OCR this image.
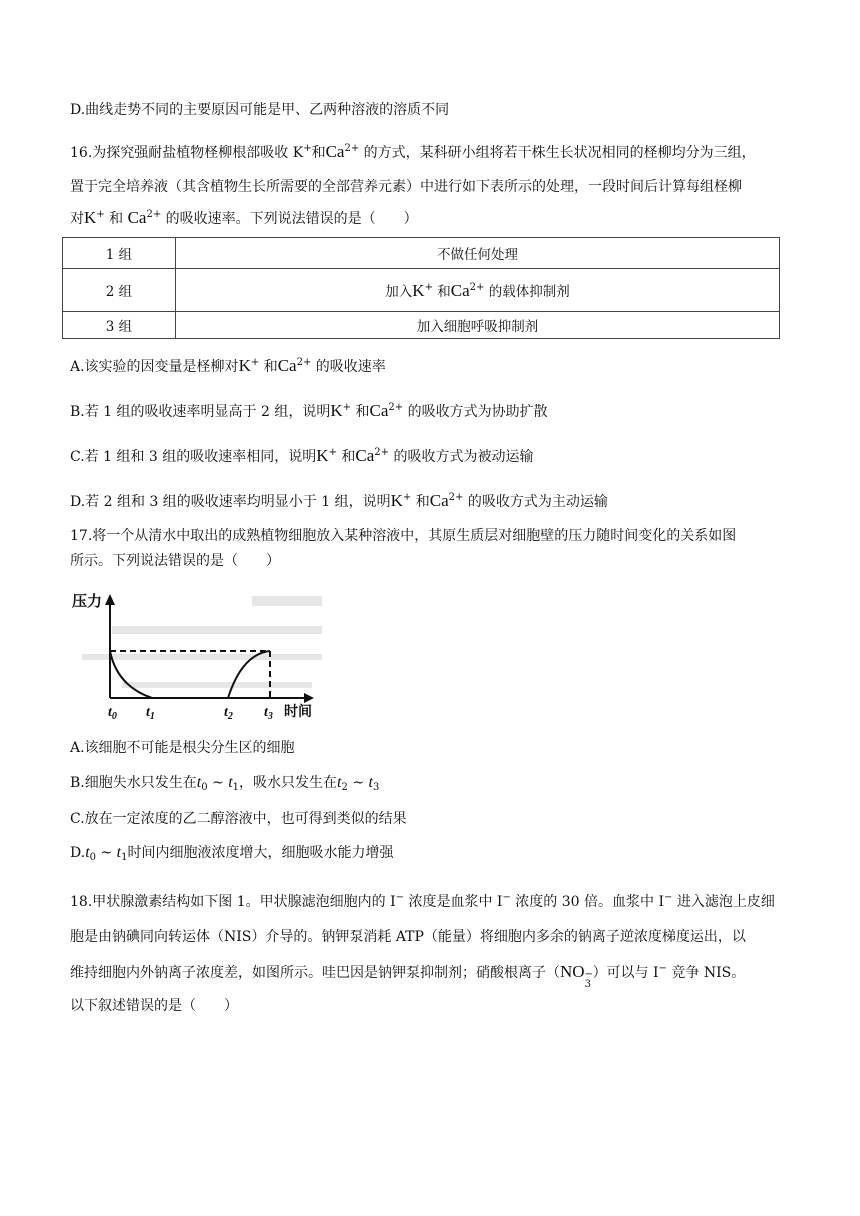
D.曲线走势不同的主要原因可能是甲、乙两种溶液的溶质不同
16.为探究强耐盐植物柽柳根部吸收 K+和$Ca^{2+}$ 的方式，某科研小组将若干株生长状况相同的柽柳均分为三组，
置于完全培养液（其含植物生长所需要的全部营养元素）中进行如下表所示的处理，一段时间后计算每组柽柳
对K+ 和 $Ca^{2+}$ 的吸收速率。下列说法错误的是（　　）
1 组	不做任何处理
2 组	加入K+ 和$Ca^{2+}$ 的载体抑制剂
3 组	加入细胞呼吸抑制剂
A.该实验的因变量是柽柳对K+ 和$Ca^{2+}$ 的吸收速率
B.若 1 组的吸收速率明显高于 2 组，说明K+ 和$Ca^{2+}$ 的吸收方式为协助扩散
C.若 1 组和 3 组的吸收速率相同，说明K+ 和$Ca^{2+}$ 的吸收方式为被动运输
D.若 2 组和 3 组的吸收速率均明显小于 1 组，说明K+ 和$Ca^{2+}$ 的吸收方式为主动运输
17.将一个从清水中取出的成熟植物细胞放入某种溶液中，其原生质层对细胞壁的压力随时间变化的关系如图
所示。下列说法错误的是（　　）
压力
时间
$t_0$ $t_1$	$t_2$ $t_3$
A.该细胞不可能是根尖分生区的细胞
B.细胞失水只发生在$t_0$ ~ $t_1$，吸水只发生在$t_2$ ~ $t_3$
C.放在一定浓度的乙二醇溶液中，也可得到类似的结果
$D.t_0$ ~ $t_1$时间内细胞液浓度增大，细胞吸水能力增强
18.甲状腺激素结构如下图 1。甲状腺滤泡细胞内的 I− 浓度是血浆中 I− 浓度的 30 倍。血浆中 I− 进入滤泡上皮细
胞是由钠碘同向转运体（NIS）介导的。钠钾泵消耗 ATP（能量）将细胞内多余的钠离子逆浓度梯度运出，以
维持细胞内外钠离子浓度差，如图所示。哇巴因是钠钾泵抑制剂；硝酸根离子（NO −
3
）可以与 I− 竞争 NIS。
以下叙述错误的是（　　）
